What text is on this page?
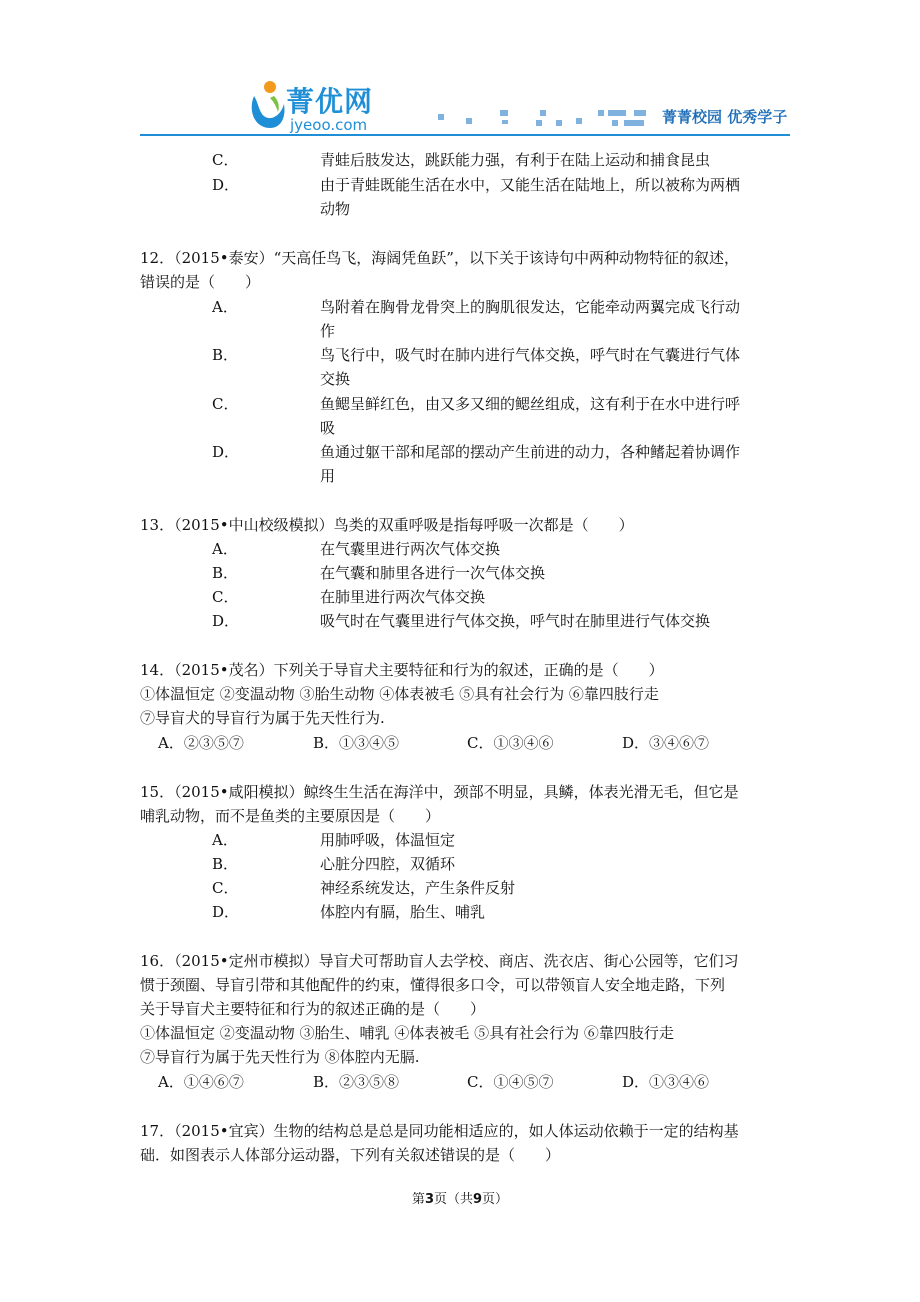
菁优网
jyeoo.com	菁菁校园 优秀学子
C．	青蛙后肢发达，跳跃能力强，有利于在陆上运动和捕食昆虫
D．	由于青蛙既能生活在水中，又能生活在陆地上，所以被称为两栖
动物
12．（2015•泰安）“天高任鸟飞，海阔凭鱼跃”，以下关于该诗句中两种动物特征的叙述，
错误的是（　　）
A．	鸟附着在胸骨龙骨突上的胸肌很发达，它能牵动两翼完成飞行动
作
B．	鸟飞行中，吸气时在肺内进行气体交换，呼气时在气囊进行气体
交换
C．	鱼鳃呈鲜红色，由又多又细的鳃丝组成，这有利于在水中进行呼
吸
D．	鱼通过躯干部和尾部的摆动产生前进的动力，各种鳍起着协调作
用
13．（2015•中山校级模拟）鸟类的双重呼吸是指每呼吸一次都是（　　）
A．	在气囊里进行两次气体交换
B．	在气囊和肺里各进行一次气体交换
C．	在肺里进行两次气体交换
D．	吸气时在气囊里进行气体交换，呼气时在肺里进行气体交换
14．（2015•茂名）下列关于导盲犬主要特征和行为的叙述，正确的是（　　）
①体温恒定 ②变温动物 ③胎生动物 ④体表被毛 ⑤具有社会行为 ⑥靠四肢行走
⑦导盲犬的导盲行为属于先天性行为.
A．②③⑤⑦	B．①③④⑤	C．①③④⑥	D．③④⑥⑦
15．（2015•咸阳模拟）鲸终生生活在海洋中，颈部不明显，具鳞，体表光滑无毛，但它是
哺乳动物，而不是鱼类的主要原因是（　　）
A．	用肺呼吸，体温恒定
B．	心脏分四腔，双循环
C．	神经系统发达，产生条件反射
D．	体腔内有膈，胎生、哺乳
16．（2015•定州市模拟）导盲犬可帮助盲人去学校、商店、洗衣店、街心公园等，它们习
惯于颈圈、导盲引带和其他配件的约束，懂得很多口令，可以带领盲人安全地走路，下列
关于导盲犬主要特征和行为的叙述正确的是（　　）
①体温恒定 ②变温动物 ③胎生、哺乳 ④体表被毛 ⑤具有社会行为 ⑥靠四肢行走
⑦导盲行为属于先天性行为 ⑧体腔内无膈.
A．①④⑥⑦	B．②③⑤⑧	C．①④⑤⑦	D．①③④⑥
17．（2015•宜宾）生物的结构总是总是同功能相适应的，如人体运动依赖于一定的结构基
础．如图表示人体部分运动器，下列有关叙述错误的是（　　）
第3页（共9页）
